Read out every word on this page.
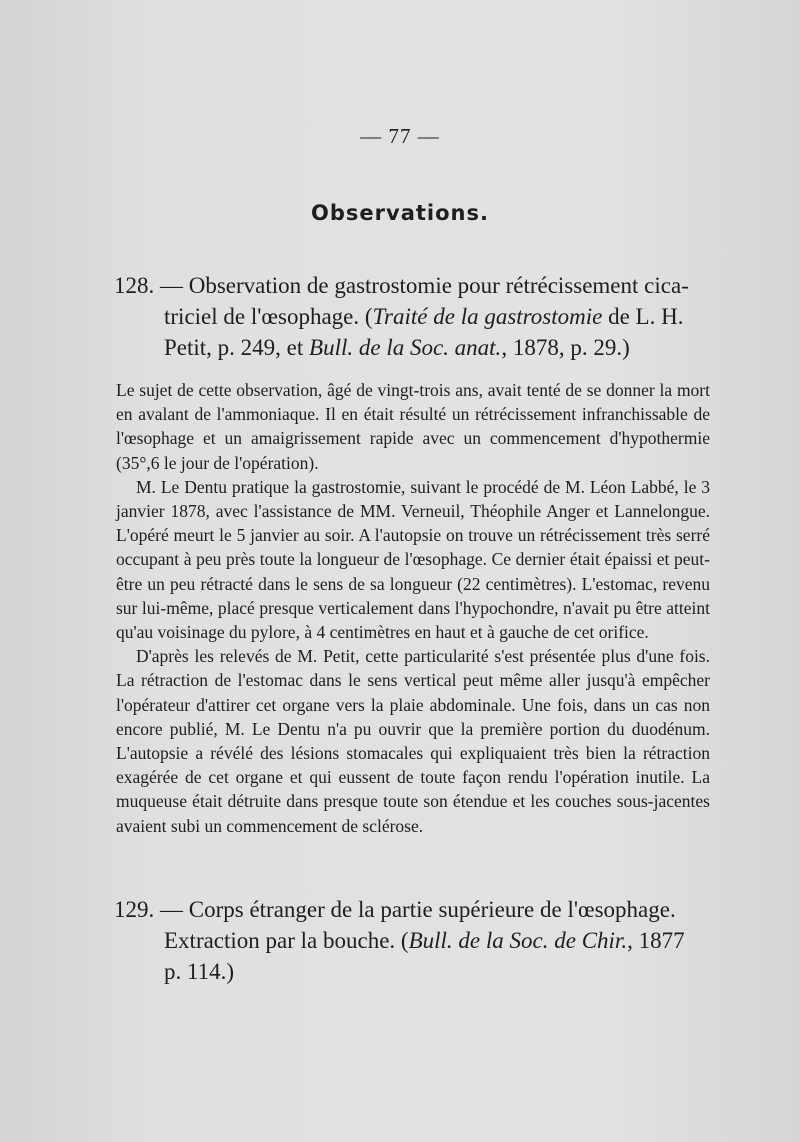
— 77 —
Observations.
128. — Observation de gastrostomie pour rétrécissement cica-
triciel de l'œsophage. (Traité de la gastrostomie de L. H.
Petit, p. 249, et Bull. de la Soc. anat., 1878, p. 29.)

Le sujet de cette observation, âgé de vingt-trois ans, avait tenté de se donner la mort en avalant de l'ammoniaque. Il en était résulté un rétrécissement infranchissable de l'œsophage et un amaigrissement rapide avec un commencement d'hypothermie (35°,6 le jour de l'opération).

M. Le Dentu pratique la gastrostomie, suivant le procédé de M. Léon Labbé, le 3 janvier 1878, avec l'assistance de MM. Verneuil, Théophile Anger et Lannelongue. L'opéré meurt le 5 janvier au soir. A l'autopsie on trouve un rétrécissement très serré occupant à peu près toute la longueur de l'œsophage. Ce dernier était épaissi et peut-être un peu rétracté dans le sens de sa longueur (22 centimètres). L'estomac, revenu sur lui-même, placé presque verticalement dans l'hypochondre, n'avait pu être atteint qu'au voisinage du pylore, à 4 centimètres en haut et à gauche de cet orifice.

D'après les relevés de M. Petit, cette particularité s'est présentée plus d'une fois. La rétraction de l'estomac dans le sens vertical peut même aller jusqu'à empêcher l'opérateur d'attirer cet organe vers la plaie abdominale. Une fois, dans un cas non encore publié, M. Le Dentu n'a pu ouvrir que la première portion du duodénum. L'autopsie a révélé des lésions stomacales qui expliquaient très bien la rétraction exagérée de cet organe et qui eussent de toute façon rendu l'opération inutile. La muqueuse était détruite dans presque toute son étendue et les couches sous-jacentes avaient subi un commencement de sclérose.

129. — Corps étranger de la partie supérieure de l'œsophage.
Extraction par la bouche. (Bull. de la Soc. de Chir., 1877
p. 114.)
